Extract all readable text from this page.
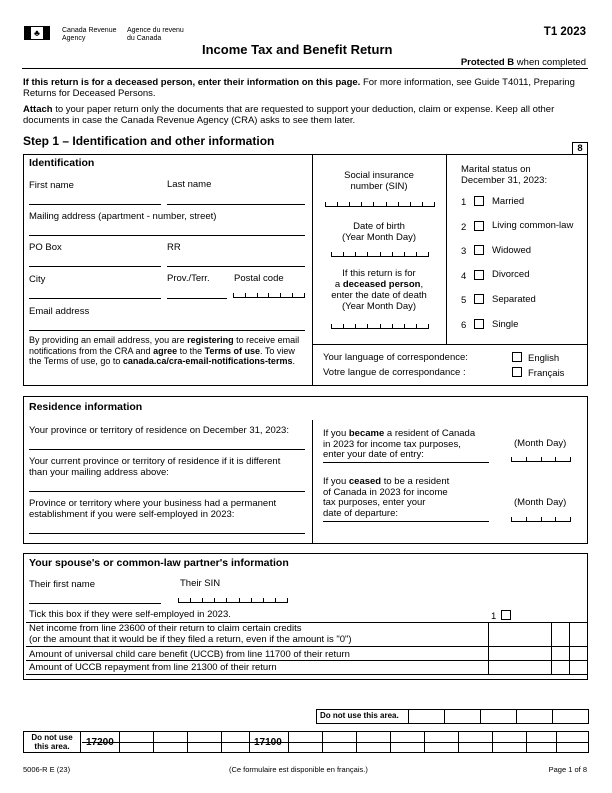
♣	Canada Revenue
Agency
Agence du revenu
du Canada	T1 2023
Income Tax and Benefit Return
Protected B when completed
If this return is for a deceased person, enter their information on this page. For more information, see Guide T4011, Preparing Returns for Deceased Persons.
Attach to your paper return only the documents that are requested to support your deduction, claim or expense. Keep all other documents in case the Canada Revenue Agency (CRA) asks to see them later.
Step 1 – Identification and other information
8
Identification
First name	Last name
Mailing address (apartment - number, street)
PO Box	RR
City	Prov./Terr.	Postal code
Email address
By providing an email address, you are registering to receive email notifications from the CRA and agree to the Terms of use. To view the Terms of use, go to canada.ca/cra-email-notifications-terms.
Social insurance
number (SIN)
Date of birth
(Year Month Day)
If this return is for
a deceased person,
enter the date of death
(Year Month Day)
Marital status on
December 31, 2023:
1	Married
2	Living common-law
3	Widowed
4	Divorced
5	Separated
6	Single
Your language of correspondence:
Votre langue de correspondance :
English
Français
Residence information
Your province or territory of residence on December 31, 2023:
Your current province or territory of residence if it is different
than your mailing address above:
Province or territory where your business had a permanent
establishment if you were self-employed in 2023:
If you became a resident of Canada
in 2023 for income tax purposes,
enter your date of entry:
(Month Day)
If you ceased to be a resident
of Canada in 2023 for income
tax purposes, enter your
date of departure:
(Month Day)
Your spouse's or common-law partner's information
Their first name	Their SIN
Tick this box if they were self-employed in 2023.	1
Net income from line 23600 of their return to claim certain credits
(or the amount that it would be if they filed a return, even if the amount is "0")
Amount of universal child care benefit (UCCB) from line 11700 of their return
Amount of UCCB repayment from line 21300 of their return
Do not use this area.
Do not use
this area.
5006-R E (23)	(Ce formulaire est disponible en français.)	Page 1 of 8
